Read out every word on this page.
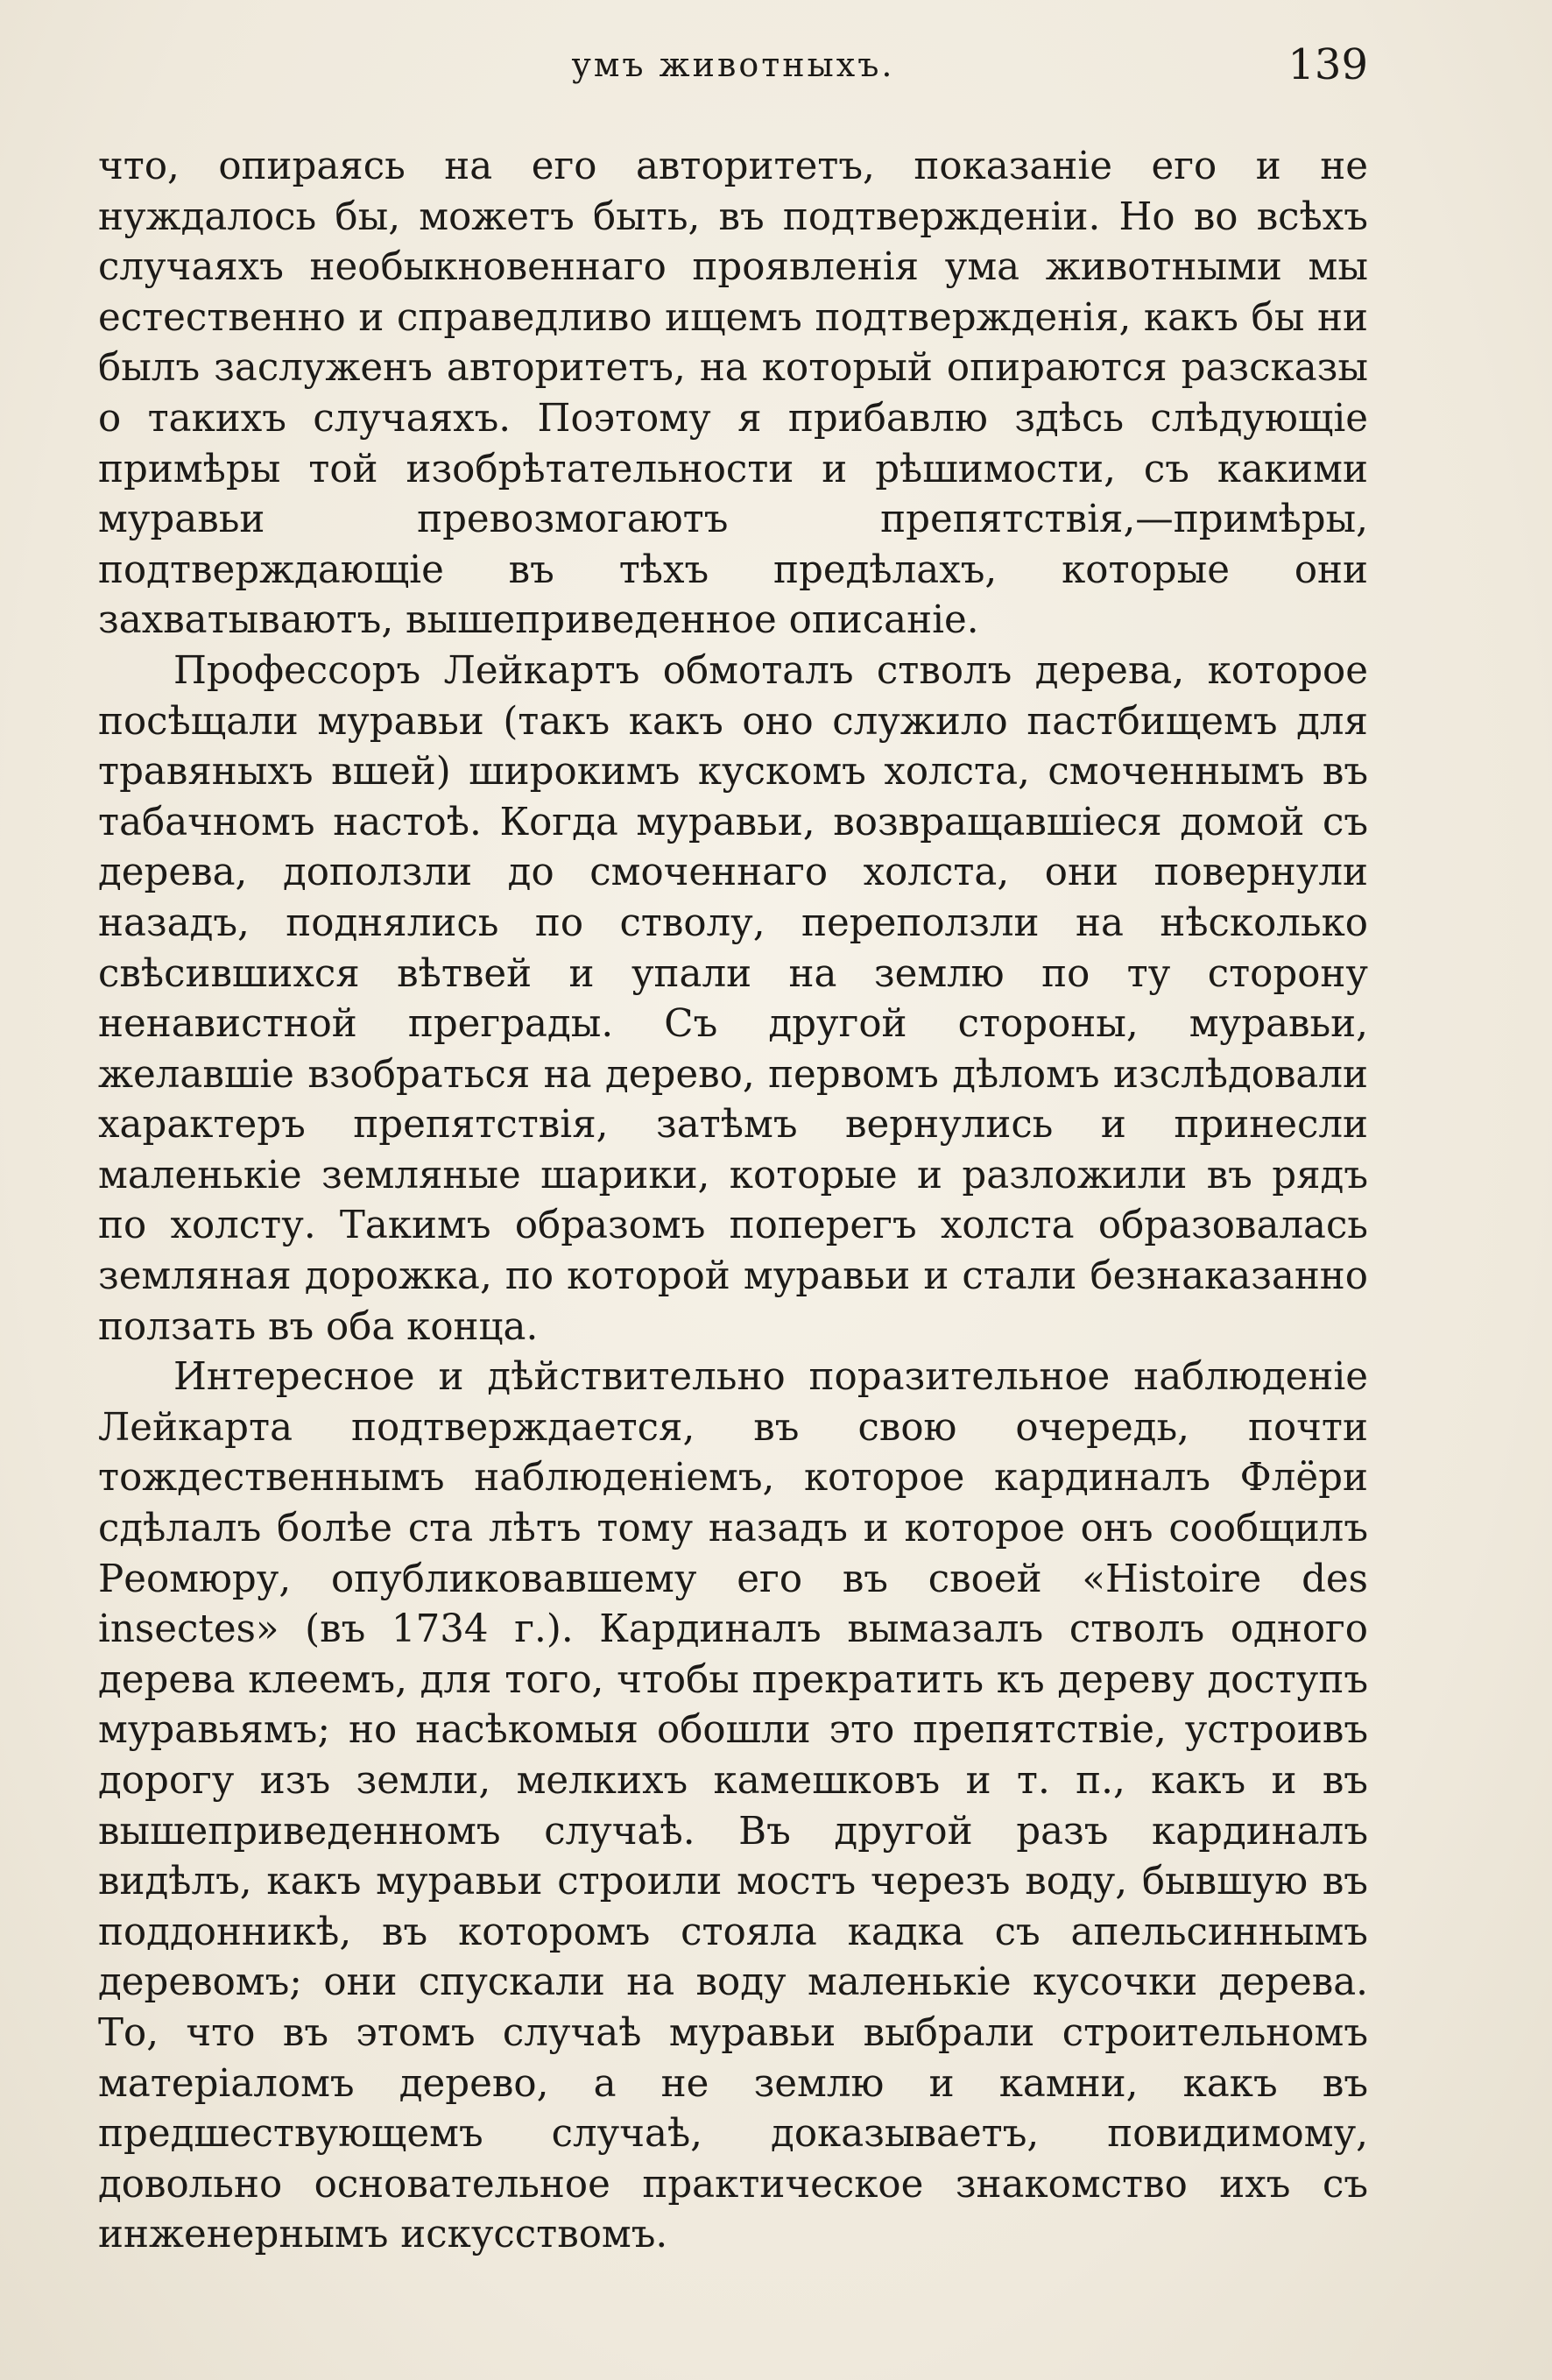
умъ животныхъ.	139

что, опираясь на его авторитетъ, показаніе его и не нуждалось бы, можетъ быть, въ подтвержденіи. Но во всѣхъ случаяхъ необыкновеннаго проявленія ума животными мы естественно и справедливо ищемъ подтвержденія, какъ бы ни былъ заслуженъ авторитетъ, на который опираются разсказы о такихъ случаяхъ. Поэтому я прибавлю здѣсь слѣдующіе примѣры той изобрѣтательности и рѣшимости, съ какими муравьи превозмогаютъ препятствія,—примѣры, подтверждающіе въ тѣхъ предѣлахъ, которые они захватываютъ, вышеприведенное описаніе.

Профессоръ Лейкартъ обмоталъ стволъ дерева, которое посѣщали муравьи (такъ какъ оно служило пастбищемъ для травяныхъ вшей) широкимъ кускомъ холста, смоченнымъ въ табачномъ настоѣ. Когда муравьи, возвращавшіеся домой съ дерева, доползли до смоченнаго холста, они повернули назадъ, поднялись по стволу, переползли на нѣсколько свѣсившихся вѣтвей и упали на землю по ту сторону ненавистной преграды. Съ другой стороны, муравьи, желавшіе взобраться на дерево, первомъ дѣломъ изслѣдовали характеръ препятствія, затѣмъ вернулись и принесли маленькіе земляные шарики, которые и разложили въ рядъ по холсту. Такимъ образомъ поперегъ холста образовалась земляная дорожка, по которой муравьи и стали безнаказанно ползать въ оба конца.

Интересное и дѣйствительно поразительное наблюденіе Лейкарта подтверждается, въ свою очередь, почти тождественнымъ наблюденіемъ, которое кардиналъ Флёри сдѣлалъ болѣе ста лѣтъ тому назадъ и которое онъ сообщилъ Реомюру, опубликовавшему его въ своей «Histoire des insectes» (въ 1734 г.). Кардиналъ вымазалъ стволъ одного дерева клеемъ, для того, чтобы прекратить къ дереву доступъ муравьямъ; но насѣкомыя обошли это препятствіе, устроивъ дорогу изъ земли, мелкихъ камешковъ и т. п., какъ и въ вышеприведенномъ случаѣ. Въ другой разъ кардиналъ видѣлъ, какъ муравьи строили мостъ черезъ воду, бывшую въ поддонникѣ, въ которомъ стояла кадка съ апельсиннымъ деревомъ; они спускали на воду маленькіе кусочки дерева. То, что въ этомъ случаѣ муравьи выбрали строительномъ матеріаломъ дерево, а не землю и камни, какъ въ предшествующемъ случаѣ, доказываетъ, повидимому, довольно основательное практическое знакомство ихъ съ инженернымъ искусствомъ.
